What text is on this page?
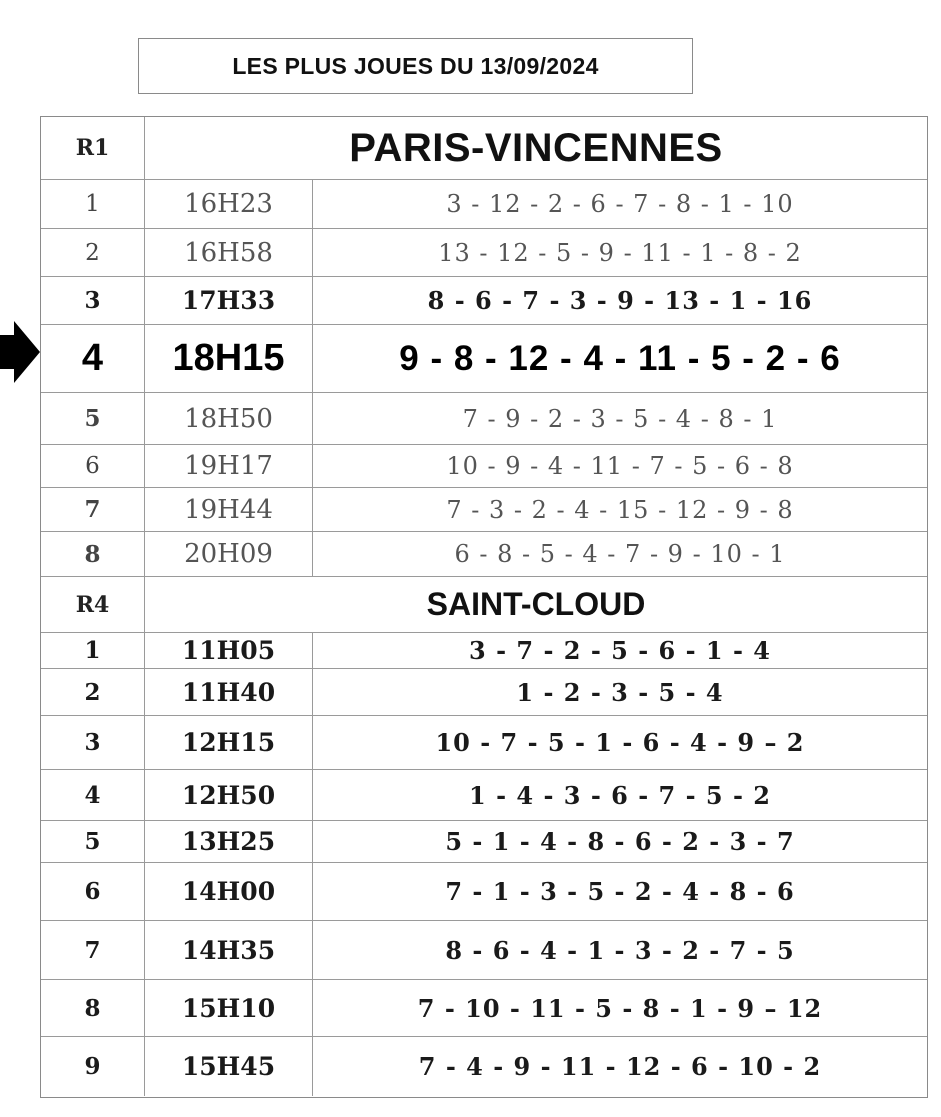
LES PLUS JOUES DU 13/09/2024
R1	PARIS-VINCENNES
1	16H23	3 - 12 - 2 - 6 - 7 - 8 - 1 - 10
2	16H58	13 - 12 - 5 - 9 - 11 - 1 - 8 - 2
3	17H33	8 - 6 - 7 - 3 - 9 - 13 - 1 - 16
4	18H15	9 - 8 - 12 - 4 - 11 - 5 - 2 - 6
5	18H50	7 - 9 - 2 - 3 - 5 - 4 - 8 - 1
6	19H17	10 - 9 - 4 - 11 - 7 - 5 - 6 - 8
7	19H44	7 - 3 - 2 - 4 - 15 - 12 - 9 - 8
8	20H09	6 - 8 - 5 - 4 - 7 - 9 - 10 - 1
R4	SAINT-CLOUD
1	11H05	3 - 7 - 2 - 5 - 6 - 1 - 4
2	11H40	1 - 2 - 3 - 5 - 4
3	12H15	10 - 7 - 5 - 1 - 6 - 4 - 9 – 2
4	12H50	1 - 4 - 3 - 6 - 7 - 5 - 2
5	13H25	5 - 1 - 4 - 8 - 6 - 2 - 3 - 7
6	14H00	7 - 1 - 3 - 5 - 2 - 4 - 8 - 6
7	14H35	8 - 6 - 4 - 1 - 3 - 2 - 7 - 5
8	15H10	7 - 10 - 11 - 5 - 8 - 1 - 9 – 12
9	15H45	7 - 4 - 9 - 11 - 12 - 6 - 10 - 2
